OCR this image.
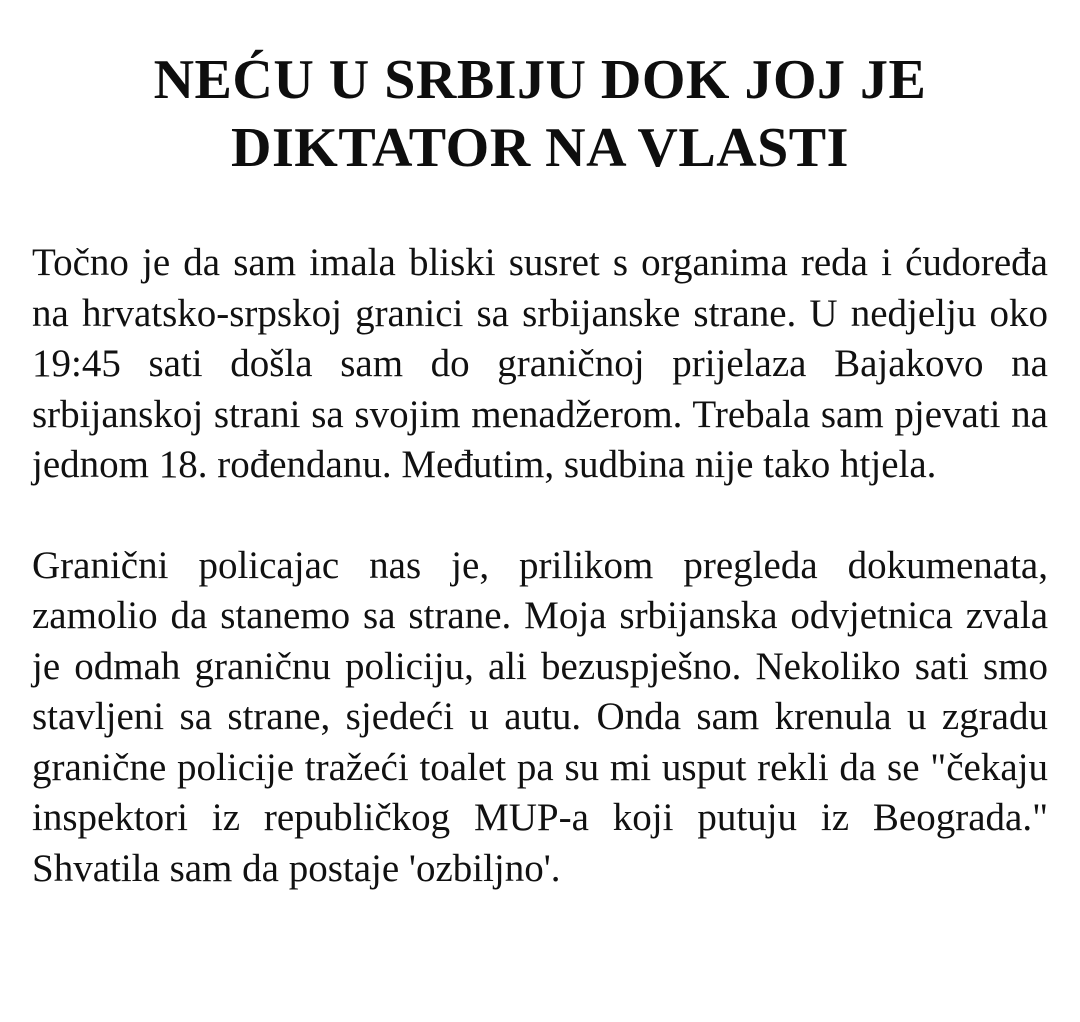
NEĆU U SRBIJU DOK JOJ JE DIKTATOR NA VLASTI

Točno je da sam imala bliski susret s organima reda i ćudoređa na hrvatsko-srpskoj granici sa srbijanske strane. U nedjelju oko 19:45 sati došla sam do graničnoj prijelaza Bajakovo na srbijanskoj strani sa svojim menadžerom. Trebala sam pjevati na jednom 18. rođendanu. Međutim, sudbina nije tako htjela.

Granični policajac nas je, prilikom pregleda dokumenata, zamolio da stanemo sa strane. Moja srbijanska odvjetnica zvala je odmah graničnu policiju, ali bezuspješno. Nekoliko sati smo stavljeni sa strane, sjedeći u autu. Onda sam krenula u zgradu granične policije tražeći toalet pa su mi usput rekli da se "čekaju inspektori iz republičkog MUP-a koji putuju iz Beograda." Shvatila sam da postaje 'ozbiljno'.
